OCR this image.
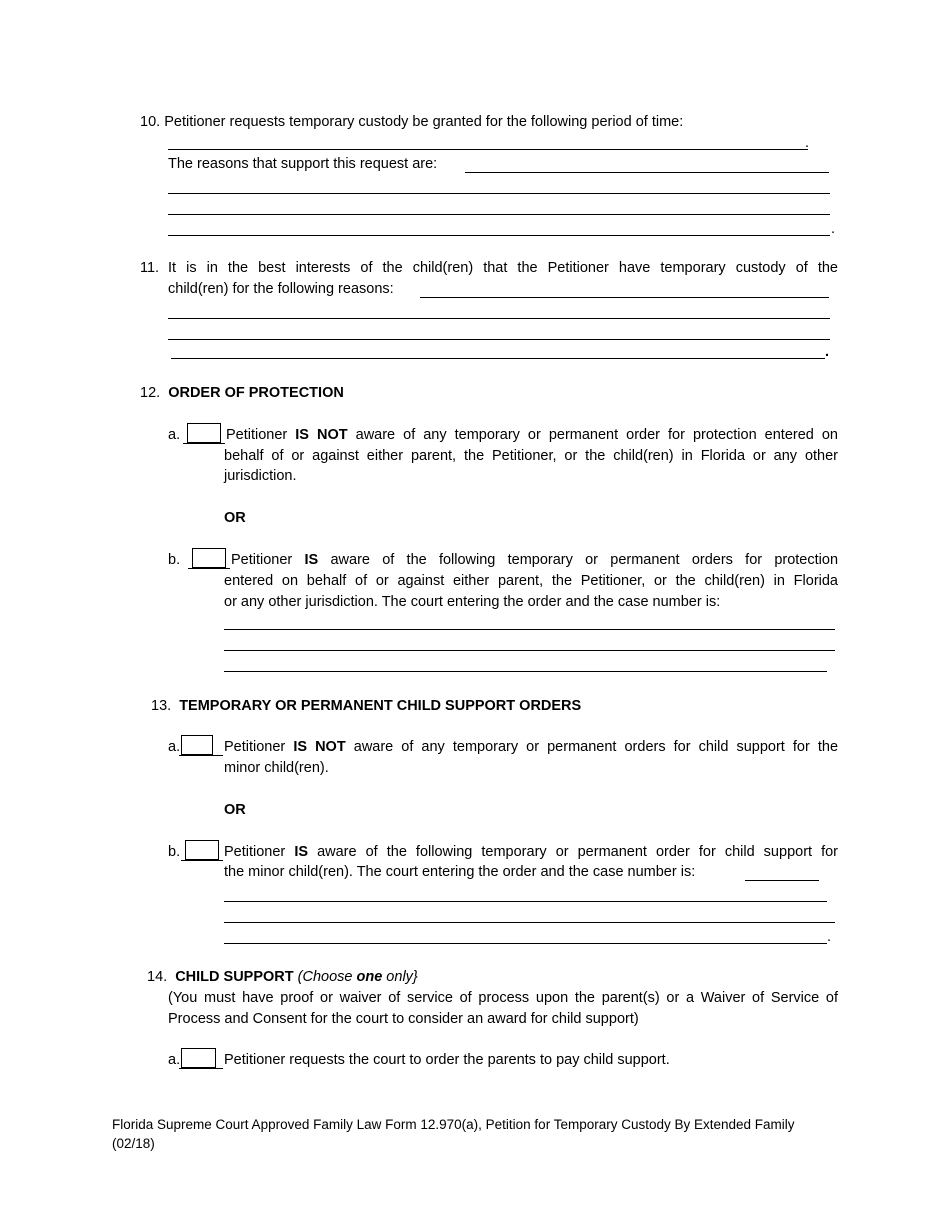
10. Petitioner requests temporary custody be granted for the following period of time:
.
The reasons that support this request are:
.
11. It is in the best interests of the child(ren) that the Petitioner have temporary custody of the
child(ren) for the following reasons:
.
12. ORDER OF PROTECTION
a.	Petitioner IS NOT aware of any temporary or permanent order for protection entered on
behalf of or against either parent, the Petitioner, or the child(ren) in Florida or any other
jurisdiction.
OR
b.	Petitioner IS aware of the following temporary or permanent orders for protection
entered on behalf of or against either parent, the Petitioner, or the child(ren) in Florida
or any other jurisdiction. The court entering the order and the case number is:
13. TEMPORARY OR PERMANENT CHILD SUPPORT ORDERS
a.	Petitioner IS NOT aware of any temporary or permanent orders for child support for the
minor child(ren).
OR
b.	Petitioner IS aware of the following temporary or permanent order for child support for
the minor child(ren). The court entering the order and the case number is:
.
14. CHILD SUPPORT (Choose one only}
(You must have proof or waiver of service of process upon the parent(s) or a Waiver of Service of
Process and Consent for the court to consider an award for child support)
a.	Petitioner requests the court to order the parents to pay child support.
Florida Supreme Court Approved Family Law Form 12.970(a), Petition for Temporary Custody By Extended Family
(02/18)
